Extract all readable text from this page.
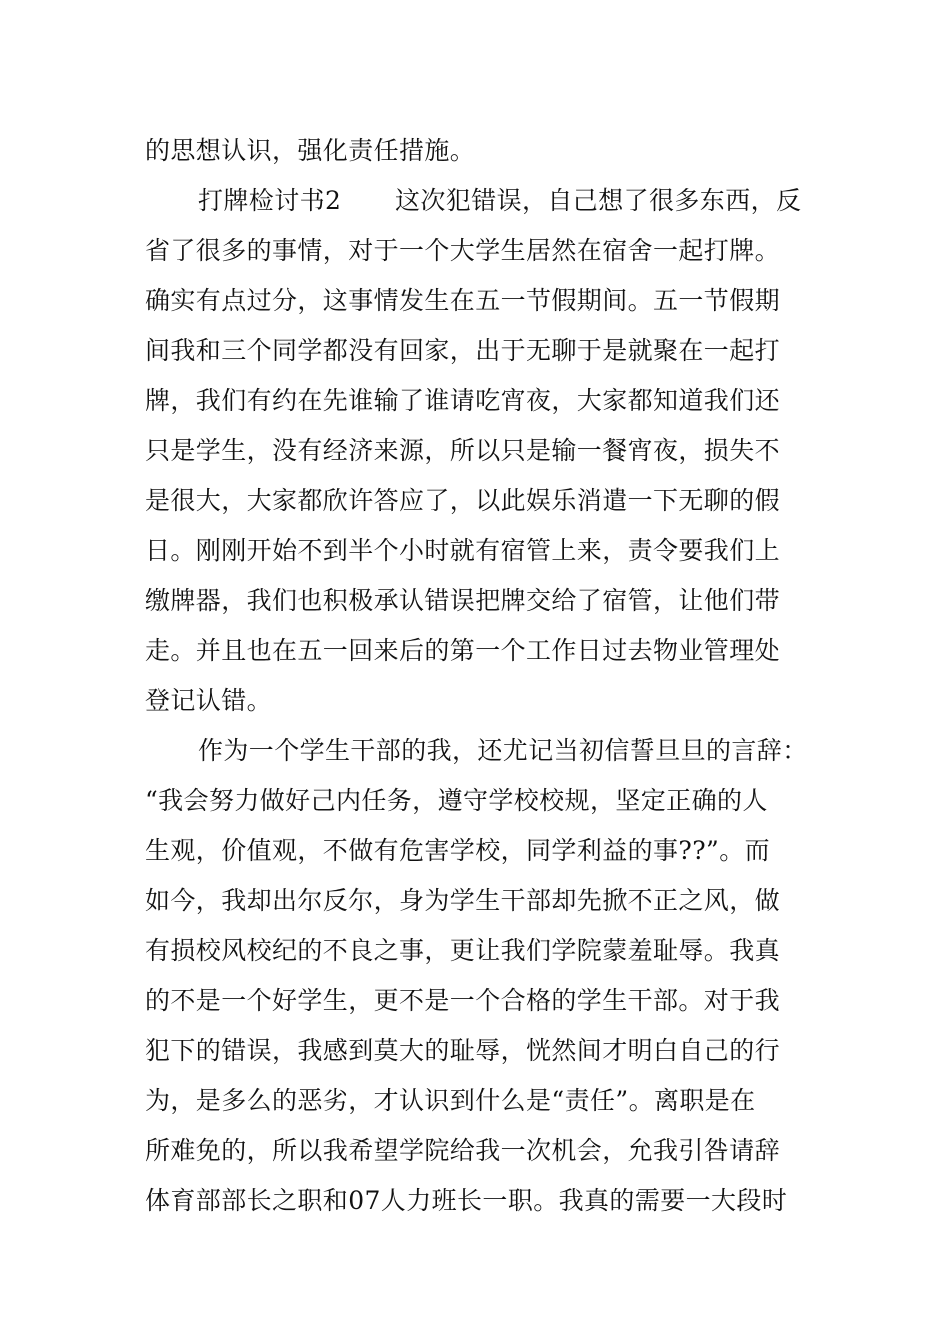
的思想认识，强化责任措施。
打牌检讨书2 这次犯错误，自己想了很多东西，反
省了很多的事情，对于一个大学生居然在宿舍一起打牌。
确实有点过分，这事情发生在五一节假期间。五一节假期
间我和三个同学都没有回家，出于无聊于是就聚在一起打
牌，我们有约在先谁输了谁请吃宵夜，大家都知道我们还
只是学生，没有经济来源，所以只是输一餐宵夜，损失不
是很大，大家都欣许答应了，以此娱乐消遣一下无聊的假
日。刚刚开始不到半个小时就有宿管上来，责令要我们上
缴牌器，我们也积极承认错误把牌交给了宿管，让他们带
走。并且也在五一回来后的第一个工作日过去物业管理处
登记认错。
作为一个学生干部的我，还尤记当初信誓旦旦的言辞：
“我会努力做好己内任务，遵守学校校规，坚定正确的人
生观，价值观，不做有危害学校，同学利益的事??”。而
如今，我却出尔反尔，身为学生干部却先掀不正之风，做
有损校风校纪的不良之事，更让我们学院蒙羞耻辱。我真
的不是一个好学生，更不是一个合格的学生干部。对于我
犯下的错误，我感到莫大的耻辱，恍然间才明白自己的行
为，是多么的恶劣，才认识到什么是“责任”。离职是在
所难免的，所以我希望学院给我一次机会，允我引咎请辞
体育部部长之职和07人力班长一职。我真的需要一大段时
